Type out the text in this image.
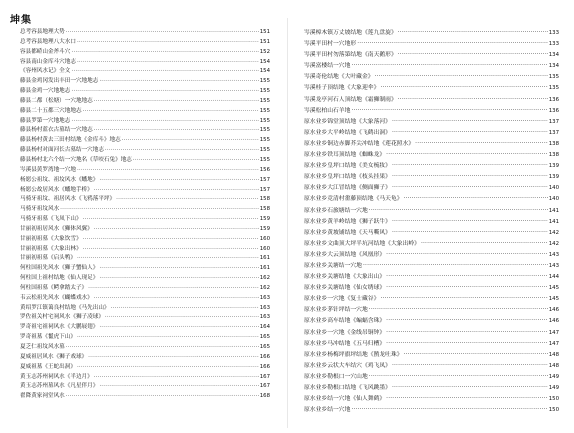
坤集
总考容县地理大势 ·····	151
总考容县地理八大水口 ·····	151
容县都峤山金斧斗穴 ·····	152
容县南山金库斗穴地志 ·····	154
《容州风水记》全文 ·····	154
藤县金鸡冈发出丰田一穴地地志 ·····	155
藤县金鸡一穴地地志 ·····	155
藤县二都（松塘）一穴地地志 ·····	155
藤县二十五都三穴地地志 ·····	155
藤县罗第一穴地地志 ·····	155
藤县杨村蓝衣古墓结一穴地志 ·····	155
藤县杨村黄去三田村结地《金库斗》地志 ·····	155
藤县杨村对面河长古墓结一穴地志 ·····	155
藤县杨村北六个结一穴地名《草咬石兔》地志 ·····	155
岑溪县黄罗湾地一穴地 ·····	156
杨愿公祖坟、祖坟风水《蟠地》 ·····	157
杨愿公故居风水《蟠地手桥》 ·····	157
马骑牙祖坟、祖居风水《飞鸦落平坪》 ·····	158
马骑牙祖坟风水 ·····	158
马骑牙祖墓《飞凤下山》 ·····	159
甘丽初祖居风水《狮体风翼》 ·····	159
甘丽初祖墓《大象饮雪》 ·····	160
甘丽初祖墓《大象出林》 ·····	160
甘丽初祖墓《启头鸭》 ·····	161
何柱国祖先风水《狮子蟹仙人》 ·····	161
何柱国上祖村结地《仙人现足》 ·····	162
何柱国祖墓《鳄拿踏太子》 ·····	162
韦云松祖先风水《蝴蝶戏水》 ·····	163
黄绍罗江镇蔼良村结地《马先出山》 ·····	163
罗佐祖关村宅祠风水《狮子凌球》 ·····	163
罗奇祖宅祖祠风水《大鹏展翅》 ·····	164
罗奇祖墓《鬣虎下山》 ·····	165
夏乏仁祖坟风水墓 ·····	165
夏威祖居风水《狮子戏球》 ·····	166
夏威祖墓《王蛇出洞》 ·····	166
黄玉志苏州祠风水《半边月》 ·····	167
黄玉志苏州墓风水《凡星伴月》 ·····	167
翟降黄家祠堂风水 ·····	168
岑溪樟木镇万丈坡结地《莲九盘旋》 ·····	133
岑溪平田村一穴地形 ·····	133
岑溪平田村勿落第结地《南天鹅形》 ·····	134
岑溪富楼结一穴地 ·····	134
岑溪奇伦结地《大叶藏金》 ·····	135
岑溪桂子顶结地《大象迎伞》 ·····	135
岑溪龙亭河石人顶结地《霜狮制雨》 ·····	136
岑溪松柏山石羊地 ·····	136
原水业乡锦堂顶结地《大象落河》 ·····	137
原水业乡大平岭结地《飞鹤出洞》 ·····	137
原水业乡铜边赤脚芥尖冲结地《莲花照水》 ·····	138
原水业乡铁耳顶结地《蜘蛛龙》 ·····	138
原水业乡皇坪口结地《美女梳妆》 ·····	139
原水业乡皇坪口结地《枝头挂果》 ·····	139
原水业乡大江冒结地《侧面狮子》 ·····	140
原水业乡竞清村畬藤顶结地《马天龟》 ·····	140
原水业乡石旅塘结一穴地 ·····	141
原水业乡黄羊岭结地《狮子跃牛》 ·····	141
原水业乡黄坡铺结地《天马嘶风》 ·····	142
原水业乡文曲顶大坪半坑河结地《大象出岭》 ·····	142
原水业乡大云顶结地《风凰形》 ·····	143
原水业乡关塘结一穴地 ·····	143
原水业乡关塘结地《大象出山》 ·····	144
原水业乡关塘结地《仙女绣球》 ·····	145
原水业乡一穴地《复士藏谷》 ·····	145
原水业乡茅针坪结一穴地 ·····	146
原水业乡高车结地《蝙蝠含珠》 ·····	146
原水业乡一穴地《金线吊铜钟》 ·····	147
原水业乡马冲结地《五马归槽》 ·····	147
原水业乡杨梅坪旗坪结地《鹊龙吐珠》 ·····	148
原水业乡云状大车结穴《鸡飞凤》 ·····	148
原水业乡勒根口一穴山地 ·····	149
原水业乡勒根口结地《飞风跳墨》 ·····	149
原水业乡结一穴地《仙人舞鹤》 ·····	150
原水业乡结一穴地 ·····	150
